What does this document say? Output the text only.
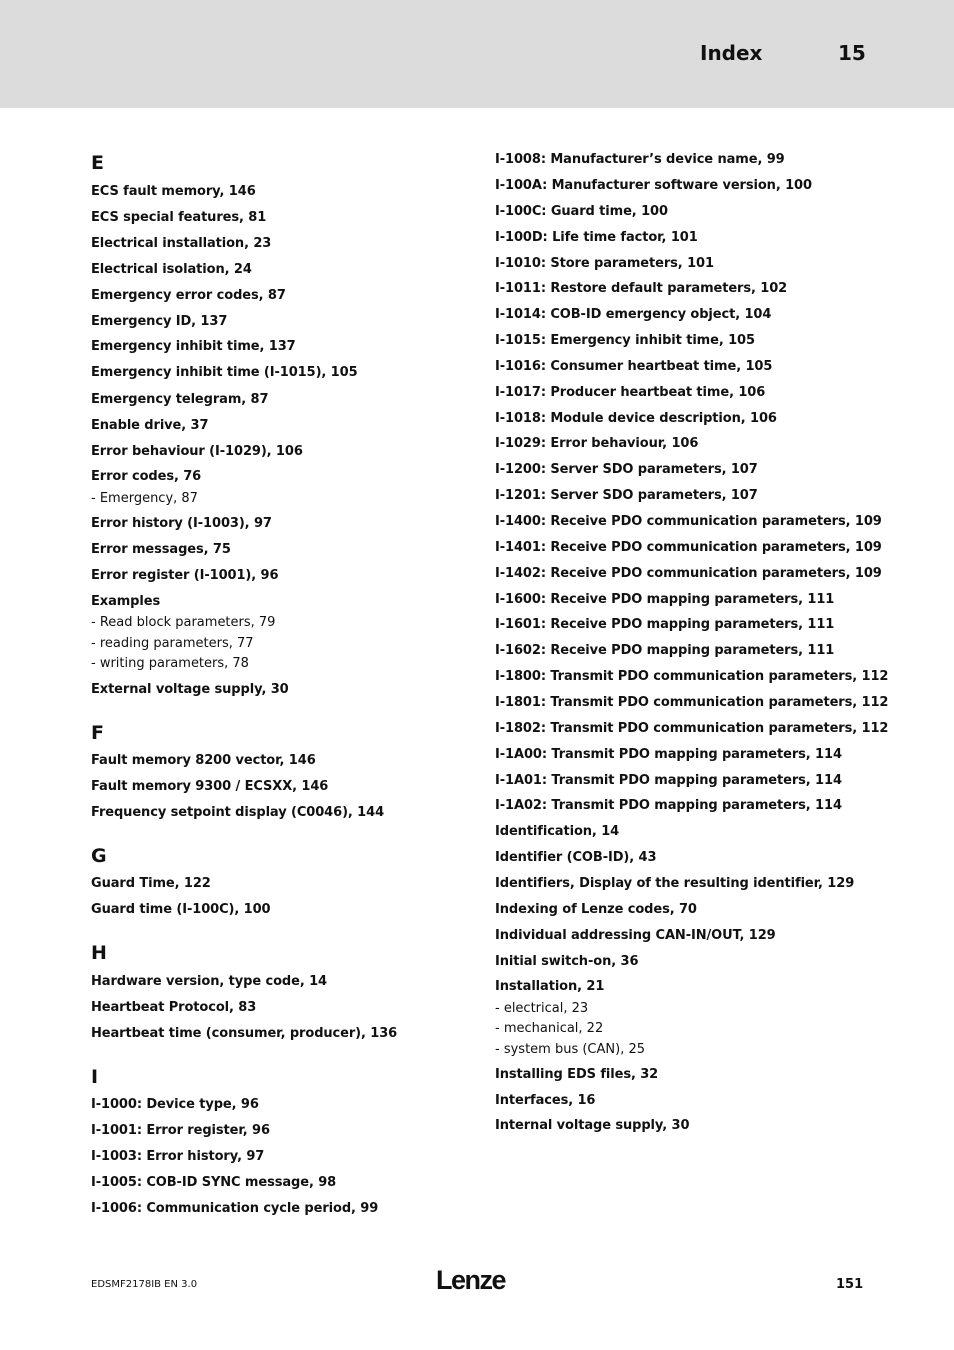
Index	15
E
ECS fault memory, 146
ECS special features, 81
Electrical installation, 23
Electrical isolation, 24
Emergency error codes, 87
Emergency ID, 137
Emergency inhibit time, 137
Emergency inhibit time (I-1015), 105
Emergency telegram, 87
Enable drive, 37
Error behaviour (I-1029), 106
Error codes, 76
- Emergency, 87
Error history (I-1003), 97
Error messages, 75
Error register (I-1001), 96
Examples
- Read block parameters, 79
- reading parameters, 77
- writing parameters, 78
External voltage supply, 30
F
Fault memory 8200 vector, 146
Fault memory 9300 / ECSXX, 146
Frequency setpoint display (C0046), 144
G
Guard Time, 122
Guard time (I-100C), 100
H
Hardware version, type code, 14
Heartbeat Protocol, 83
Heartbeat time (consumer, producer), 136
I
I-1000: Device type, 96
I-1001: Error register, 96
I-1003: Error history, 97
I-1005: COB-ID SYNC message, 98
I-1006: Communication cycle period, 99
I-1008: Manufacturer’s device name, 99
I-100A: Manufacturer software version, 100
I-100C: Guard time, 100
I-100D: Life time factor, 101
I-1010: Store parameters, 101
I-1011: Restore default parameters, 102
I-1014: COB-ID emergency object, 104
I-1015: Emergency inhibit time, 105
I-1016: Consumer heartbeat time, 105
I-1017: Producer heartbeat time, 106
I-1018: Module device description, 106
I-1029: Error behaviour, 106
I-1200: Server SDO parameters, 107
I-1201: Server SDO parameters, 107
I-1400: Receive PDO communication parameters, 109
I-1401: Receive PDO communication parameters, 109
I-1402: Receive PDO communication parameters, 109
I-1600: Receive PDO mapping parameters, 111
I-1601: Receive PDO mapping parameters, 111
I-1602: Receive PDO mapping parameters, 111
I-1800: Transmit PDO communication parameters, 112
I-1801: Transmit PDO communication parameters, 112
I-1802: Transmit PDO communication parameters, 112
I-1A00: Transmit PDO mapping parameters, 114
I-1A01: Transmit PDO mapping parameters, 114
I-1A02: Transmit PDO mapping parameters, 114
Identification, 14
Identifier (COB-ID), 43
Identifiers, Display of the resulting identifier, 129
Indexing of Lenze codes, 70
Individual addressing CAN-IN/OUT, 129
Initial switch-on, 36
Installation, 21
- electrical, 23
- mechanical, 22
- system bus (CAN), 25
Installing EDS files, 32
Interfaces, 16
Internal voltage supply, 30
EDSMF2178IB EN 3.0	Lenze	151
